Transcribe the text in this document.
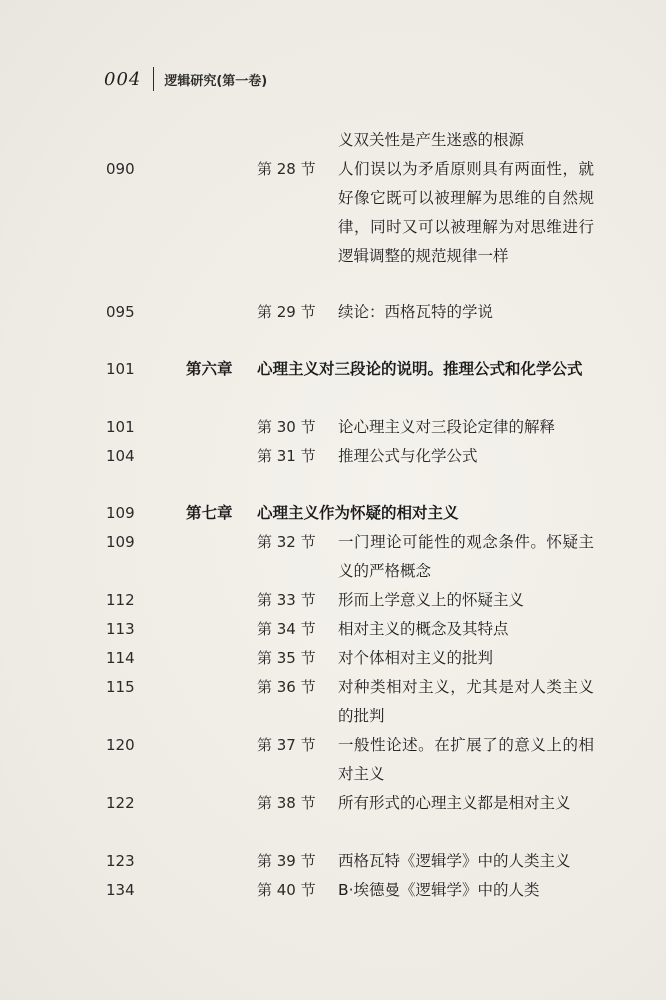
004 逻辑研究(第一卷)
义双关性是产生迷惑的根源
090	第 28 节 人们误以为矛盾原则具有两面性，就好像它既可以被理解为思维的自然规律，同时又可以被理解为对思维进行逻辑调整的规范规律一样
095	第 29 节 续论：西格瓦特的学说
101	第六章 心理主义对三段论的说明。推理公式和化学公式
101	第 30 节 论心理主义对三段论定律的解释
104	第 31 节 推理公式与化学公式
109	第七章 心理主义作为怀疑的相对主义
109	第 32 节 一门理论可能性的观念条件。怀疑主义的严格概念
112	第 33 节 形而上学意义上的怀疑主义
113	第 34 节 相对主义的概念及其特点
114	第 35 节 对个体相对主义的批判
115	第 36 节 对种类相对主义，尤其是对人类主义的批判
120	第 37 节 一般性论述。在扩展了的意义上的相对主义
122	第 38 节 所有形式的心理主义都是相对主义
123	第 39 节 西格瓦特《逻辑学》中的人类主义
134	第 40 节 B·埃德曼《逻辑学》中的人类
